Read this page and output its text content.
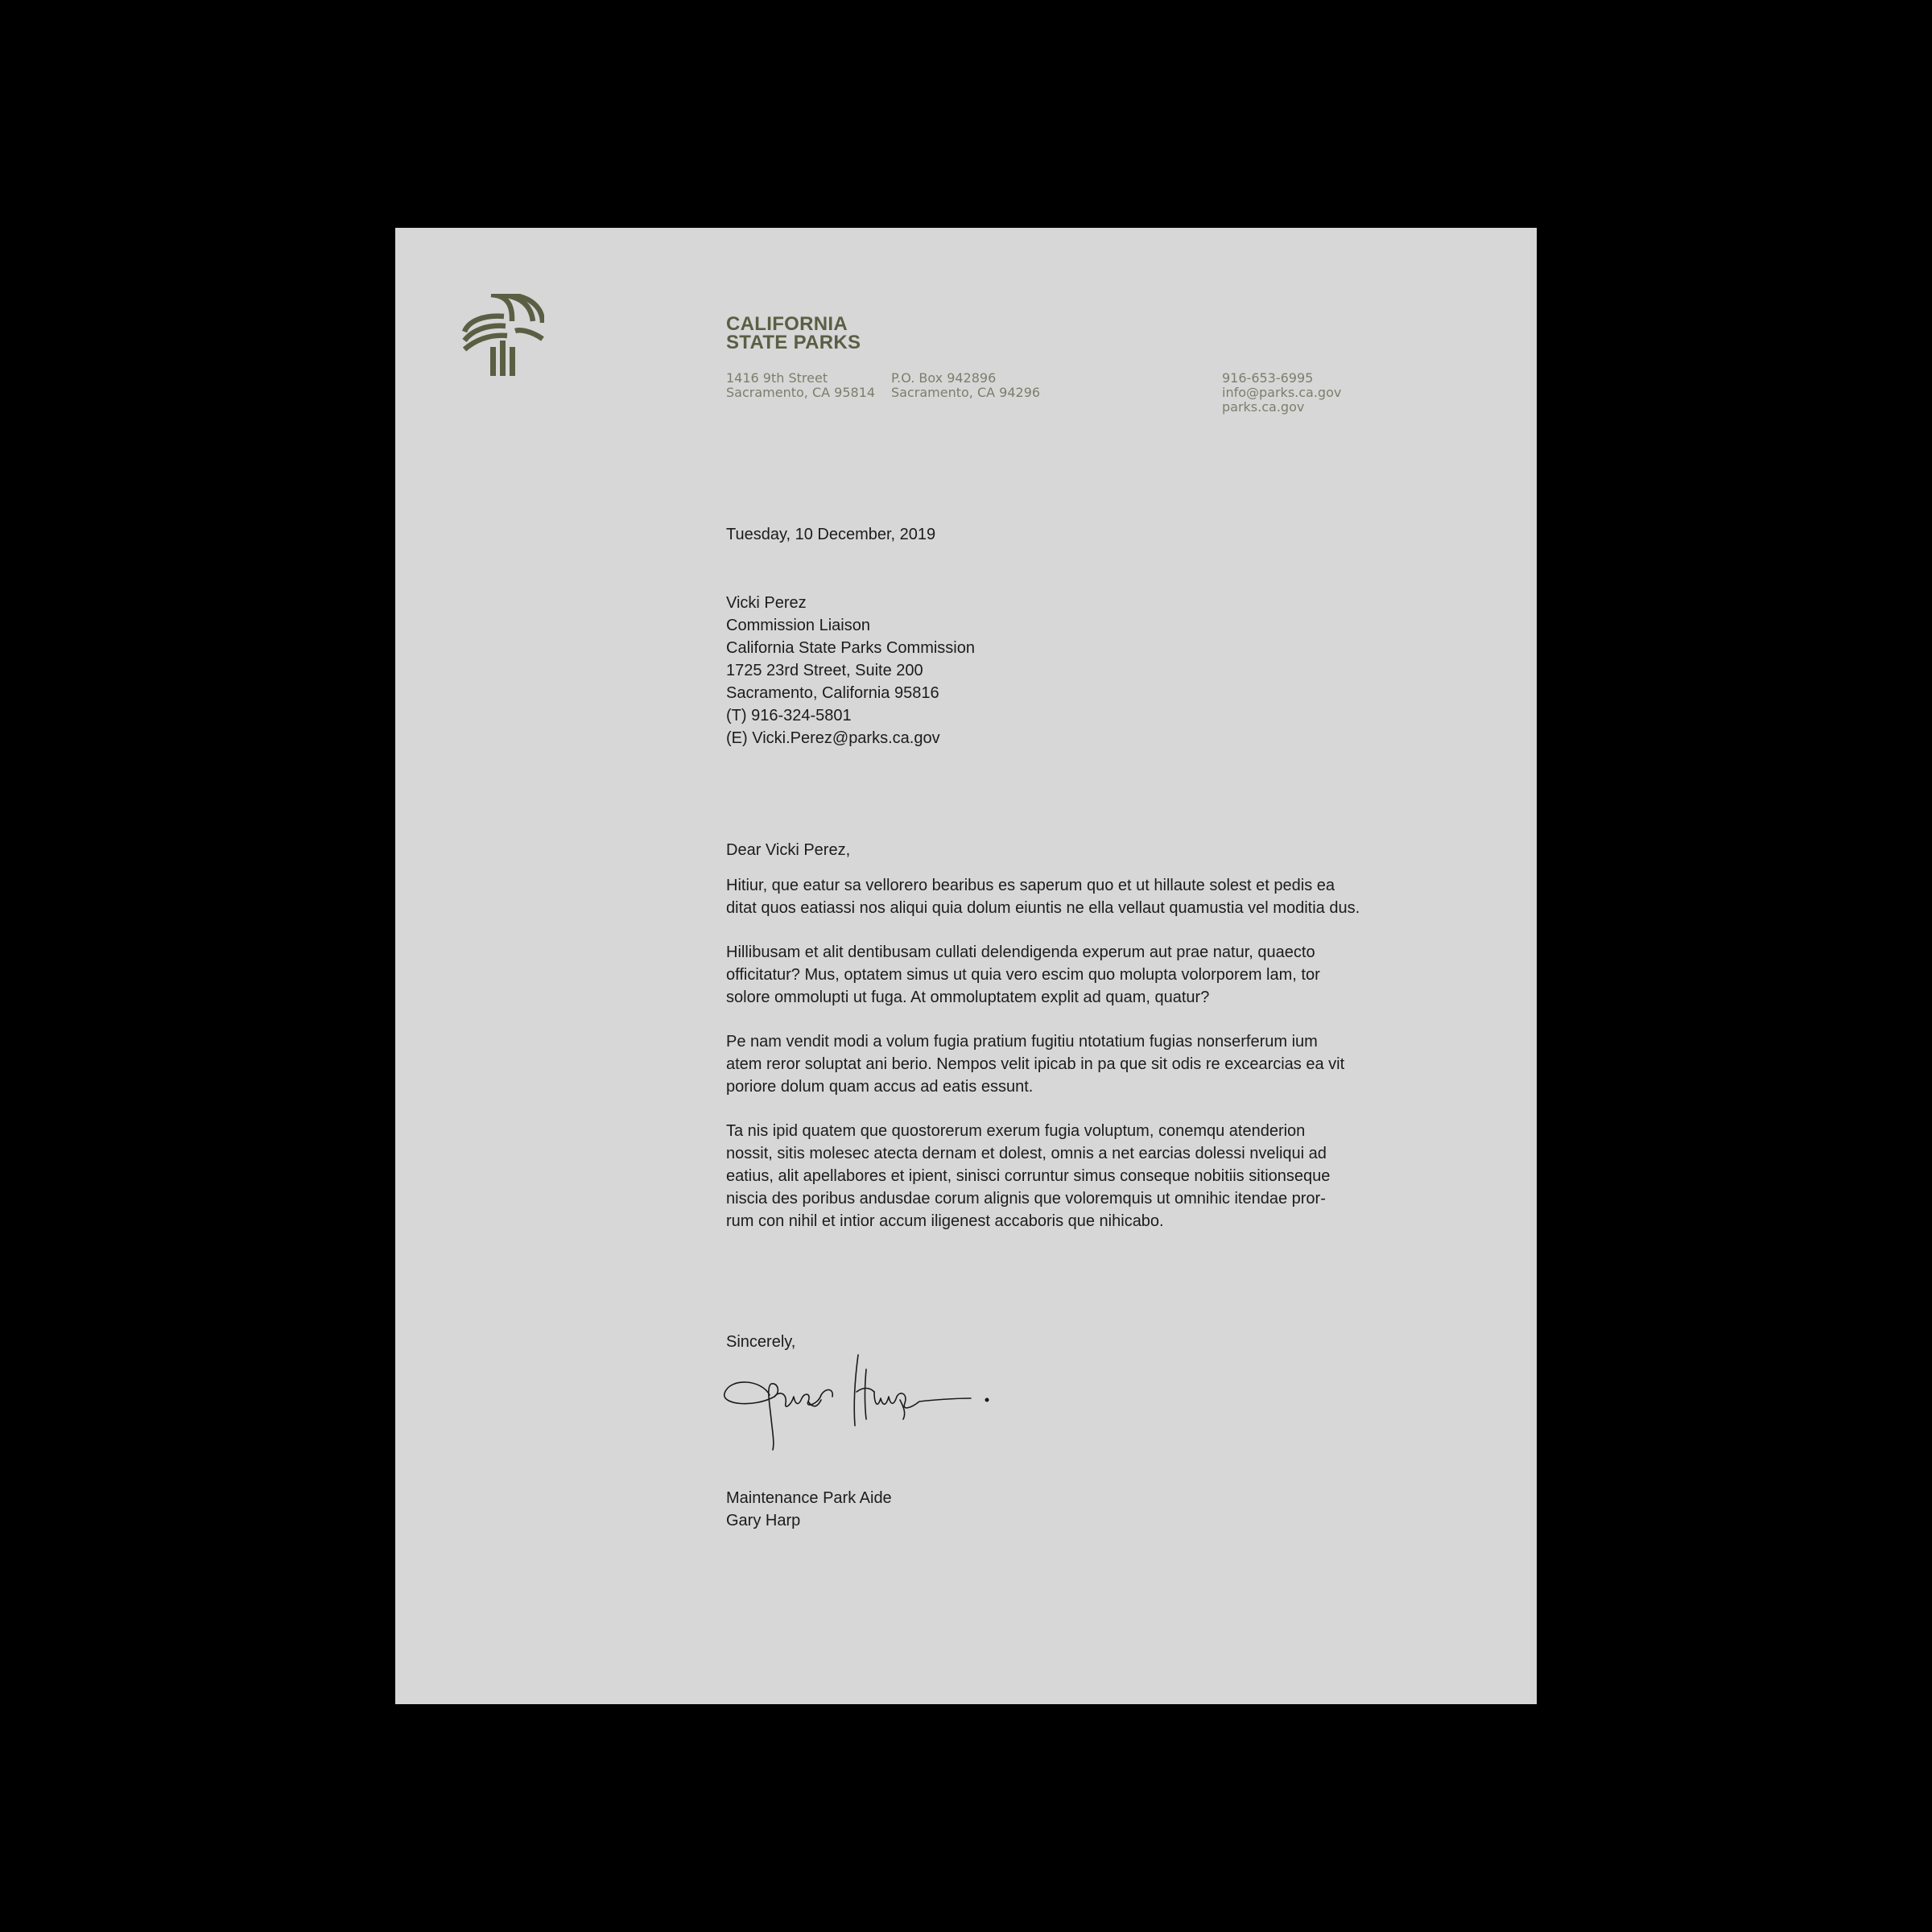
CALIFORNIA
STATE PARKS
1416 9th Street
Sacramento, CA 95814
P.O. Box 942896
Sacramento, CA 94296
916-653-6995
info@parks.ca.gov
parks.ca.gov
Tuesday, 10 December, 2019
Vicki Perez
Commission Liaison
California State Parks Commission
1725 23rd Street, Suite 200
Sacramento, California 95816
(T) 916-324-5801
(E) Vicki.Perez@parks.ca.gov
Dear Vicki Perez,

Hitiur, que eatur sa vellorero bearibus es saperum quo et ut hillaute solest et pedis ea
ditat quos eatiassi nos aliqui quia dolum eiuntis ne ella vellaut quamustia vel moditia dus.

Hillibusam et alit dentibusam cullati delendigenda experum aut prae natur, quaecto
officitatur? Mus, optatem simus ut quia vero escim quo molupta volorporem lam, tor
solore ommolupti ut fuga. At ommoluptatem explit ad quam, quatur?

Pe nam vendit modi a volum fugia pratium fugitiu ntotatium fugias nonserferum ium
atem reror soluptat ani berio. Nempos velit ipicab in pa que sit odis re excearcias ea vit
poriore dolum quam accus ad eatis essunt.

Ta nis ipid quatem que quostorerum exerum fugia voluptum, conemqu atenderion
nossit, sitis molesec atecta dernam et dolest, omnis a net earcias dolessi nveliqui ad
eatius, alit apellabores et ipient, sinisci corruntur simus conseque nobitiis sitionseque
niscia des poribus andusdae corum alignis que voloremquis ut omnihic itendae pror-
rum con nihil et intior accum iligenest accaboris que nihicabo.

Sincerely,
Maintenance Park Aide
Gary Harp
